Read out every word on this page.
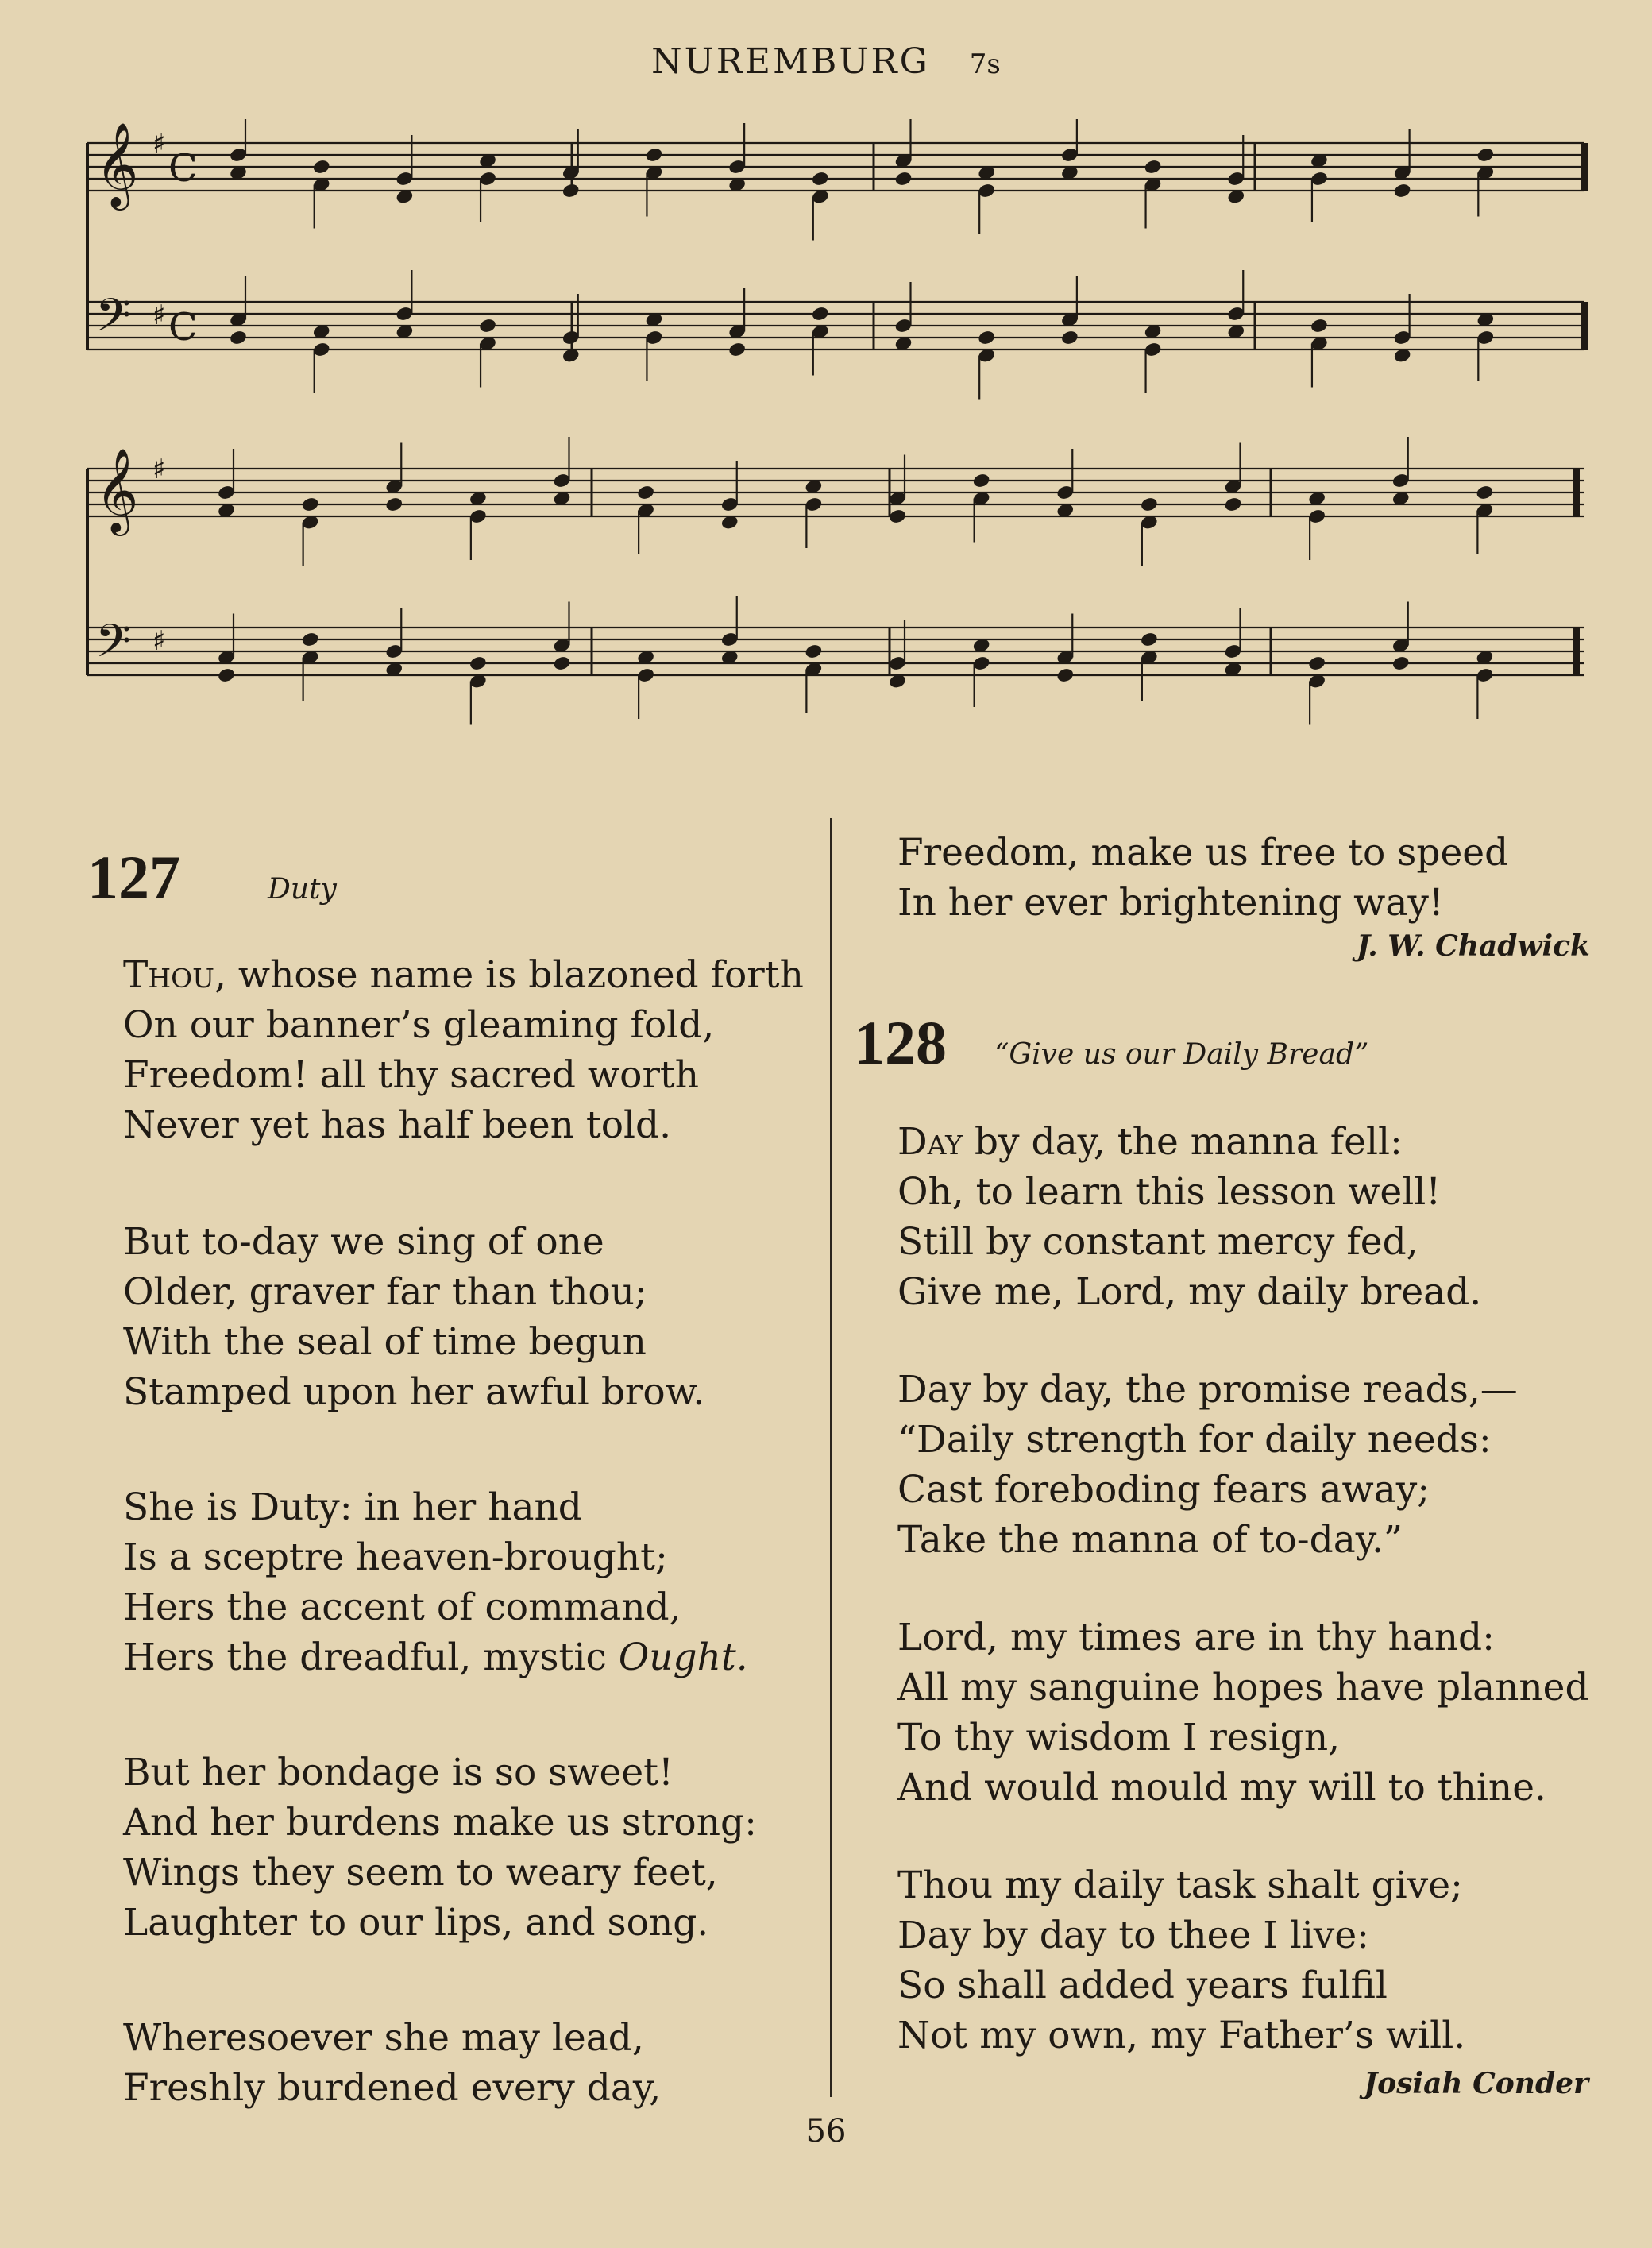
NUREMBURG 7s
𝄞 ♯
C
𝄢 ♯ C
𝄞 ♯
𝄢 ♯
127	Duty
Thou, whose name is blazoned forth
On our banner’s gleaming fold,
Freedom! all thy sacred worth
Never yet has half been told.
But to-day we sing of one
Older, graver far than thou;
With the seal of time begun
Stamped upon her awful brow.
She is Duty: in her hand
Is a sceptre heaven-brought;
Hers the accent of command,
Hers the dreadful, mystic Ought.
But her bondage is so sweet!
And her burdens make us strong:
Wings they seem to weary feet,
Laughter to our lips, and song.
Wheresoever she may lead,
Freshly burdened every day,
Freedom, make us free to speed
In her ever brightening way!
J. W. Chadwick
128 “Give us our Daily Bread”
Day by day, the manna fell:
Oh, to learn this lesson well!
Still by constant mercy fed,
Give me, Lord, my daily bread.
Day by day, the promise reads,—
“Daily strength for daily needs:
Cast foreboding fears away;
Take the manna of to-day.”
Lord, my times are in thy hand:
All my sanguine hopes have planned
To thy wisdom I resign,
And would mould my will to thine.
Thou my daily task shalt give;
Day by day to thee I live:
So shall added years fulfil
Not my own, my Father’s will.
Josiah Conder
56
